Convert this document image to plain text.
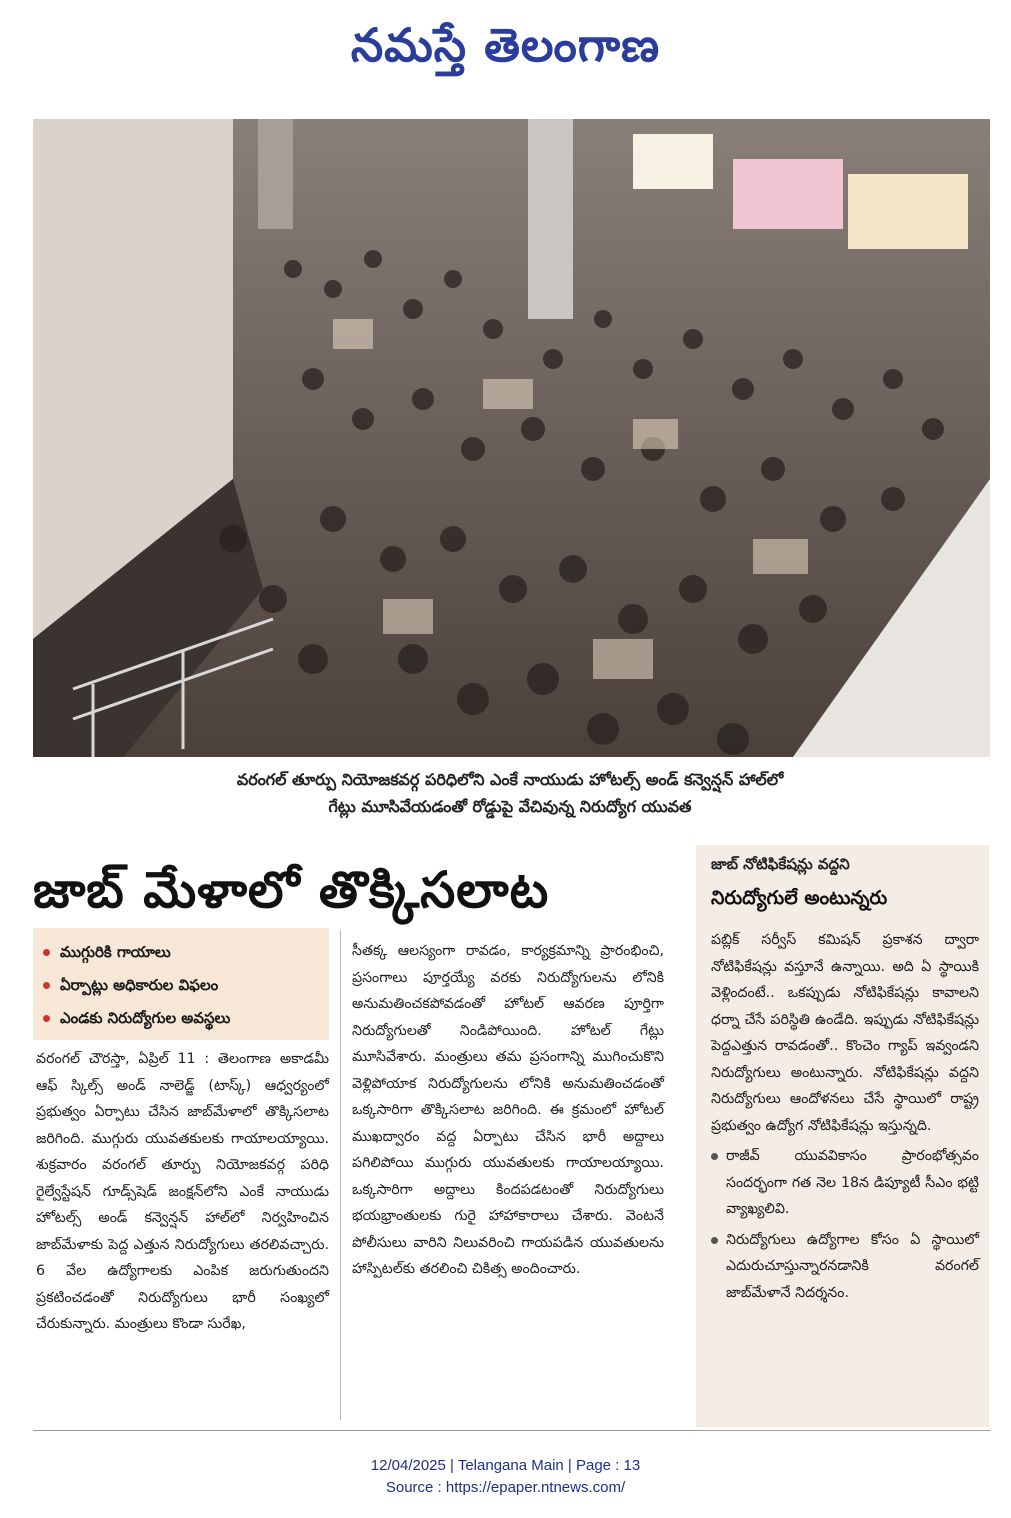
నమస్తే తెలంగాణ
వరంగల్ తూర్పు నియోజకవర్గ పరిధిలోని ఎంకే నాయుడు హోటల్స్ అండ్ కన్వెన్షన్ హాల్‌లో
గేట్లు మూసివేయడంతో రోడ్డుపై వేచివున్న నిరుద్యోగ యువత
జాబ్ మేళాలో తొక్కిసలాట
ముగ్గురికి గాయాలు
ఏర్పాట్లు అధికారుల విఫలం
ఎండకు నిరుద్యోగుల అవస్థలు
వరంగల్ చౌరస్తా, ఏప్రిల్ 11 : తెలంగాణ అకాడమీ ఆఫ్ స్కిల్స్ అండ్ నాలెడ్జ్ (టాస్క్) ఆధ్వర్యంలో ప్రభుత్వం ఏర్పాటు చేసిన జాబ్‌మేళాలో తొక్కిసలాట జరిగింది. ముగ్గురు యువతకులకు గాయాలయ్యాయి. శుక్రవారం వరంగల్ తూర్పు నియోజకవర్గ పరిధి రైల్వేస్టేషన్ గూడ్స్‌షెడ్ జంక్షన్‌లోని ఎంకే నాయుడు హోటల్స్ అండ్ కన్వెన్షన్ హాల్‌లో నిర్వహించిన జాబ్‌మేళాకు పెద్ద ఎత్తున నిరుద్యోగులు తరలివచ్చారు. 6 వేల ఉద్యోగాలకు ఎంపిక జరుగుతుందని ప్రకటించడంతో నిరుద్యోగులు భారీ సంఖ్యలో చేరుకున్నారు. మంత్రులు కొండా సురేఖ,
సీతక్క ఆలస్యంగా రావడం, కార్యక్రమాన్ని ప్రారంభించి, ప్రసంగాలు పూర్తయ్యే వరకు నిరుద్యోగులను లోనికి అనుమతించకపోవడంతో హోటల్ ఆవరణ పూర్తిగా నిరుద్యోగులతో నిండిపోయింది. హోటల్ గేట్లు మూసివేశారు. మంత్రులు తమ ప్రసంగాన్ని ముగించుకొని వెళ్లిపోయాక నిరుద్యోగులను లోనికి అనుమతించడంతో ఒక్కసారిగా తొక్కిసలాట జరిగింది. ఈ క్రమంలో హోటల్ ముఖద్వారం వద్ద ఏర్పాటు చేసిన భారీ అద్దాలు పగిలిపోయి ముగ్గురు యువతులకు గాయాలయ్యాయి. ఒక్కసారిగా అద్దాలు కిందపడటంతో నిరుద్యోగులు భయభ్రాంతులకు గురై హాహాకారాలు చేశారు. వెంటనే పోలీసులు వారిని నిలువరించి గాయపడిన యువతులను హాస్పిటల్‌కు తరలించి చికిత్స అందించారు.
జాబ్ నోటిఫికేషన్లు వద్దని
నిరుద్యోగులే అంటున్నరు
పబ్లిక్ సర్వీస్ కమిషన్ ప్రకాశన ద్వారా నోటిఫికేషన్లు వస్తూనే ఉన్నాయి. అది ఏ స్థాయికి వెళ్లిందంటే.. ఒకప్పుడు నోటిఫికేషన్లు కావాలని ధర్నా చేసే పరిస్థితి ఉండేది. ఇప్పుడు నోటిఫికేషన్లు పెద్దఎత్తున రావడంతో.. కొంచెం గ్యాప్ ఇవ్వండని నిరుద్యోగులు అంటున్నారు. నోటిఫికేషన్లు వద్దని నిరుద్యోగులు ఆందోళనలు చేసే స్థాయిలో రాష్ట్ర ప్రభుత్వం ఉద్యోగ నోటిఫికేషన్లు ఇస్తున్నది.
రాజీవ్ యువవికాసం ప్రారంభోత్సవం సందర్భంగా గత నెల 18న డిప్యూటీ సీఎం భట్టి వ్యాఖ్యలివి.
నిరుద్యోగులు ఉద్యోగాల కోసం ఏ స్థాయిలో ఎదురుచూస్తున్నారనడానికి వరంగల్ జాబ్‌మేళానే నిదర్శనం.
12/04/2025 | Telangana Main | Page : 13
Source : https://epaper.ntnews.com/
